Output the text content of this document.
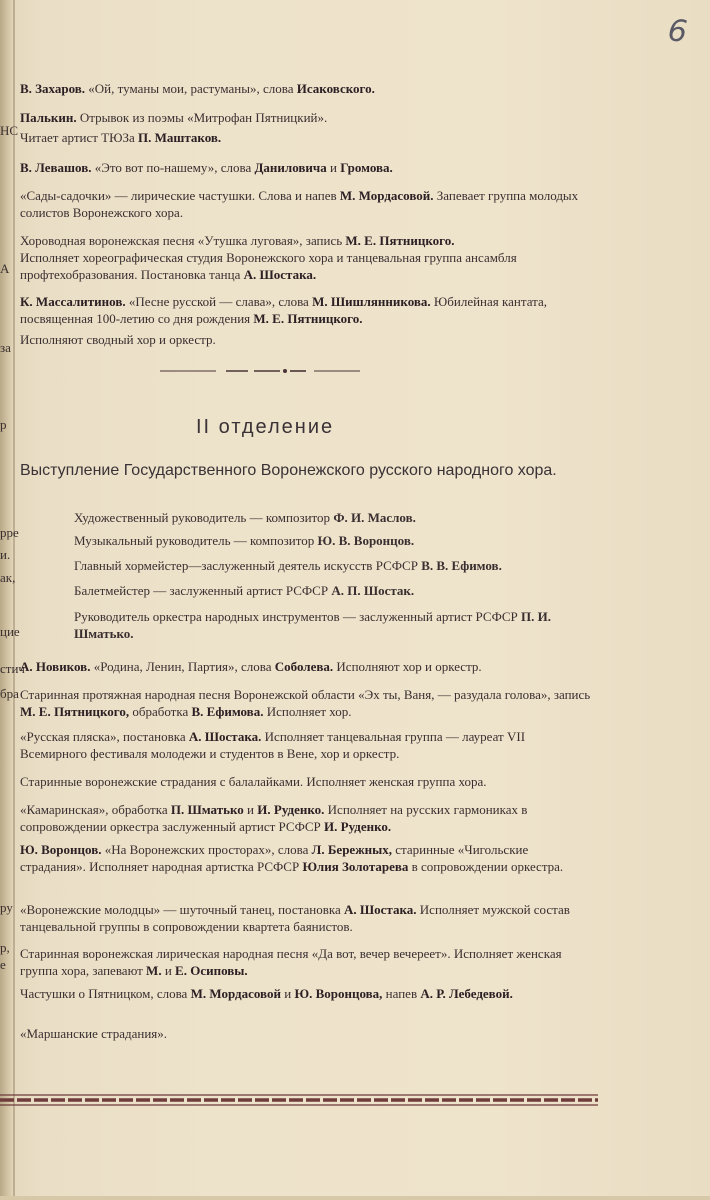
6
НС
А
за
р
рре
и.
ак,
цие
стич
бра
ру
р,
е
В. Захаров. «Ой, туманы мои, растуманы», слова Исаковского.
Палькин. Отрывок из поэмы «Митрофан Пятницкий».
Читает артист ТЮЗа П. Маштаков.
В. Левашов. «Это вот по-нашему», слова Даниловича и Громова.
«Сады-садочки» — лирические частушки. Слова и напев М. Мордасовой. Запевает группа молодых солистов Воронежского хора.
Хороводная воронежская песня «Утушка луговая», запись М. Е. Пятницкого.
Исполняет хореографическая студия Воронежского хора и танцевальная группа ансамбля профтехобразования. Постановка танца А. Шостака.
К. Массалитинов. «Песне русской — слава», слова М. Шишлянникова. Юбилейная кантата, посвященная 100-летию со дня рождения М. Е. Пятницкого.
Исполняют сводный хор и оркестр.
II отделение
Выступление Государственного Воронежского русского народного хора.
Художественный руководитель — композитор Ф. И. Маслов.
Музыкальный руководитель — композитор Ю. В. Воронцов.
Главный хормейстер—заслуженный деятель искусств РСФСР В. В. Ефимов.
Балетмейстер — заслуженный артист РСФСР А. П. Шостак.
Руководитель оркестра народных инструментов — заслуженный артист РСФСР П. И. Шматько.
А. Новиков. «Родина, Ленин, Партия», слова Соболева. Исполняют хор и оркестр.
Старинная протяжная народная песня Воронежской области «Эх ты, Ваня, — разудала голова», запись М. Е. Пятницкого, обработка В. Ефимова. Исполняет хор.
«Русская пляска», постановка А. Шостака. Исполняет танцевальная группа — лауреат VII Всемирного фестиваля молодежи и студентов в Вене, хор и оркестр.
Старинные воронежские страдания с балалайками. Исполняет женская группа хора.
«Камаринская», обработка П. Шматько и И. Руденко. Исполняет на русских гармониках в сопровождении оркестра заслуженный артист РСФСР И. Руденко.
Ю. Воронцов. «На Воронежских просторах», слова Л. Бережных, старинные «Чигольские страдания». Исполняет народная артистка РСФСР Юлия Золотарева в сопровождении оркестра.
«Воронежские молодцы» — шуточный танец, постановка А. Шостака. Исполняет мужской состав танцевальной группы в сопровождении квартета баянистов.
Старинная воронежская лирическая народная песня «Да вот, вечер вечереет». Исполняет женская группа хора, запевают М. и Е. Осиповы.
Частушки о Пятницком, слова М. Мордасовой и Ю. Воронцова, напев А. Р. Лебедевой.
«Маршанские страдания».
